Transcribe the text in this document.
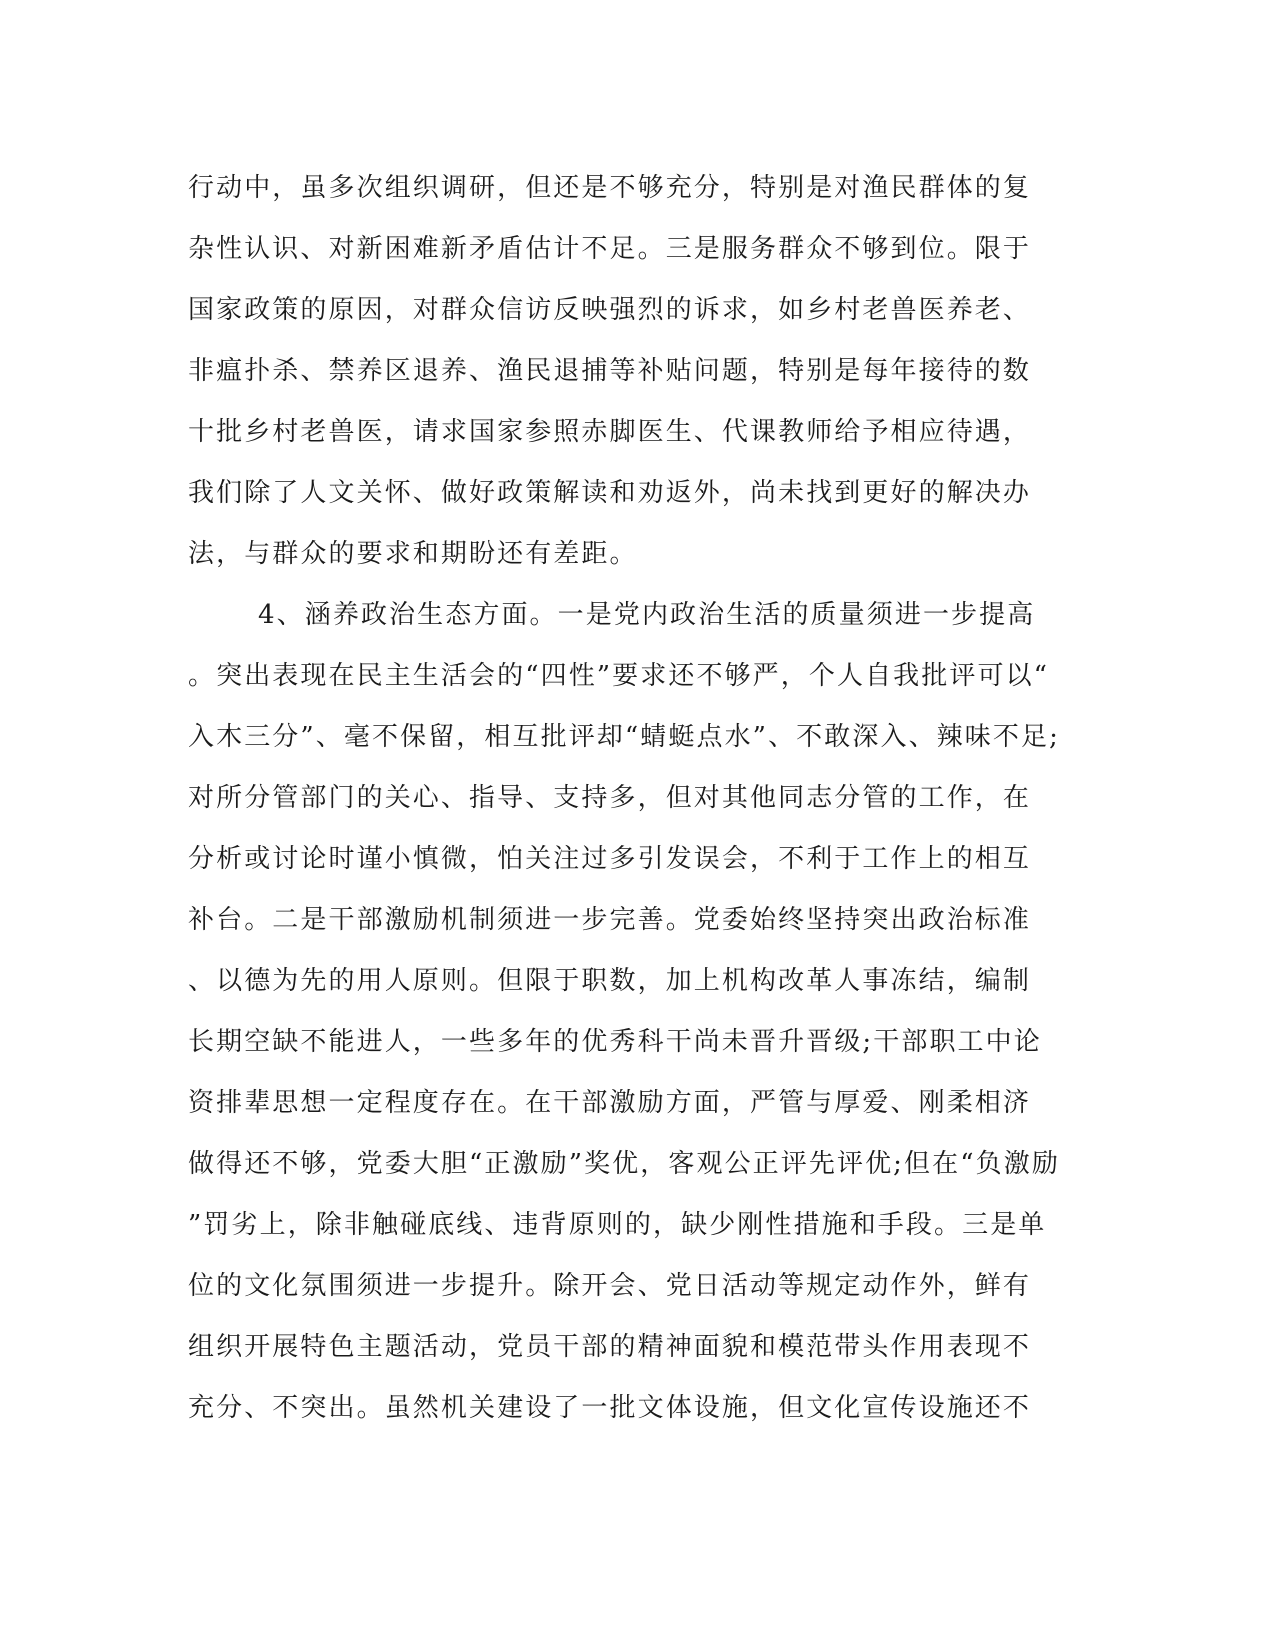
行动中，虽多次组织调研，但还是不够充分，特别是对渔民群体的复
杂性认识、对新困难新矛盾估计不足。三是服务群众不够到位。限于
国家政策的原因，对群众信访反映强烈的诉求，如乡村老兽医养老、
非瘟扑杀、禁养区退养、渔民退捕等补贴问题，特别是每年接待的数
十批乡村老兽医，请求国家参照赤脚医生、代课教师给予相应待遇，
我们除了人文关怀、做好政策解读和劝返外，尚未找到更好的解决办
法，与群众的要求和期盼还有差距。
4、涵养政治生态方面。一是党内政治生活的质量须进一步提高
。突出表现在民主生活会的“四性”要求还不够严，个人自我批评可以“
入木三分”、毫不保留，相互批评却“蜻蜓点水”、不敢深入、辣味不足;
对所分管部门的关心、指导、支持多，但对其他同志分管的工作，在
分析或讨论时谨小慎微，怕关注过多引发误会，不利于工作上的相互
补台。二是干部激励机制须进一步完善。党委始终坚持突出政治标准
、以德为先的用人原则。但限于职数，加上机构改革人事冻结，编制
长期空缺不能进人，一些多年的优秀科干尚未晋升晋级;干部职工中论
资排辈思想一定程度存在。在干部激励方面，严管与厚爱、刚柔相济
做得还不够，党委大胆“正激励”奖优，客观公正评先评优;但在“负激励
”罚劣上，除非触碰底线、违背原则的，缺少刚性措施和手段。三是单
位的文化氛围须进一步提升。除开会、党日活动等规定动作外，鲜有
组织开展特色主题活动，党员干部的精神面貌和模范带头作用表现不
充分、不突出。虽然机关建设了一批文体设施，但文化宣传设施还不
